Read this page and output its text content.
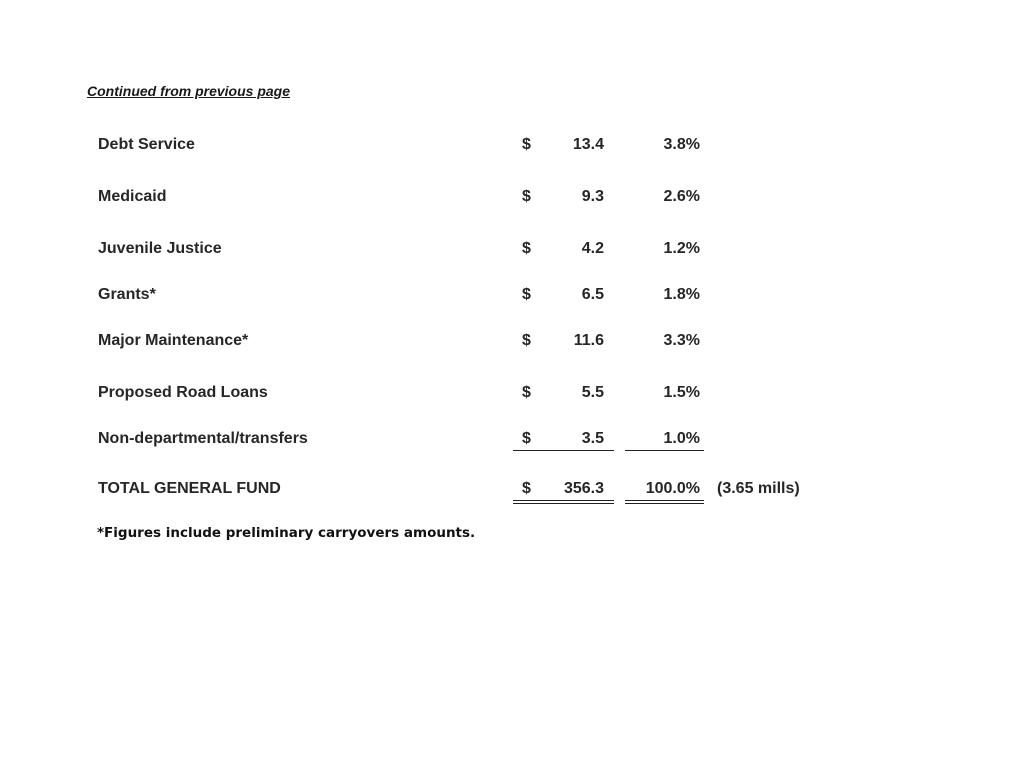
Continued from previous page
Debt Service	$	13.4	3.8%
Medicaid	$	9.3	2.6%
Juvenile Justice	$	4.2	1.2%
Grants*	$	6.5	1.8%
Major Maintenance*	$	11.6	3.3%
Proposed Road Loans	$	5.5	1.5%
Non-departmental/transfers	$	3.5	1.0%
TOTAL GENERAL FUND	$	356.3	100.0% (3.65 mills)
*Figures include preliminary carryovers amounts.
